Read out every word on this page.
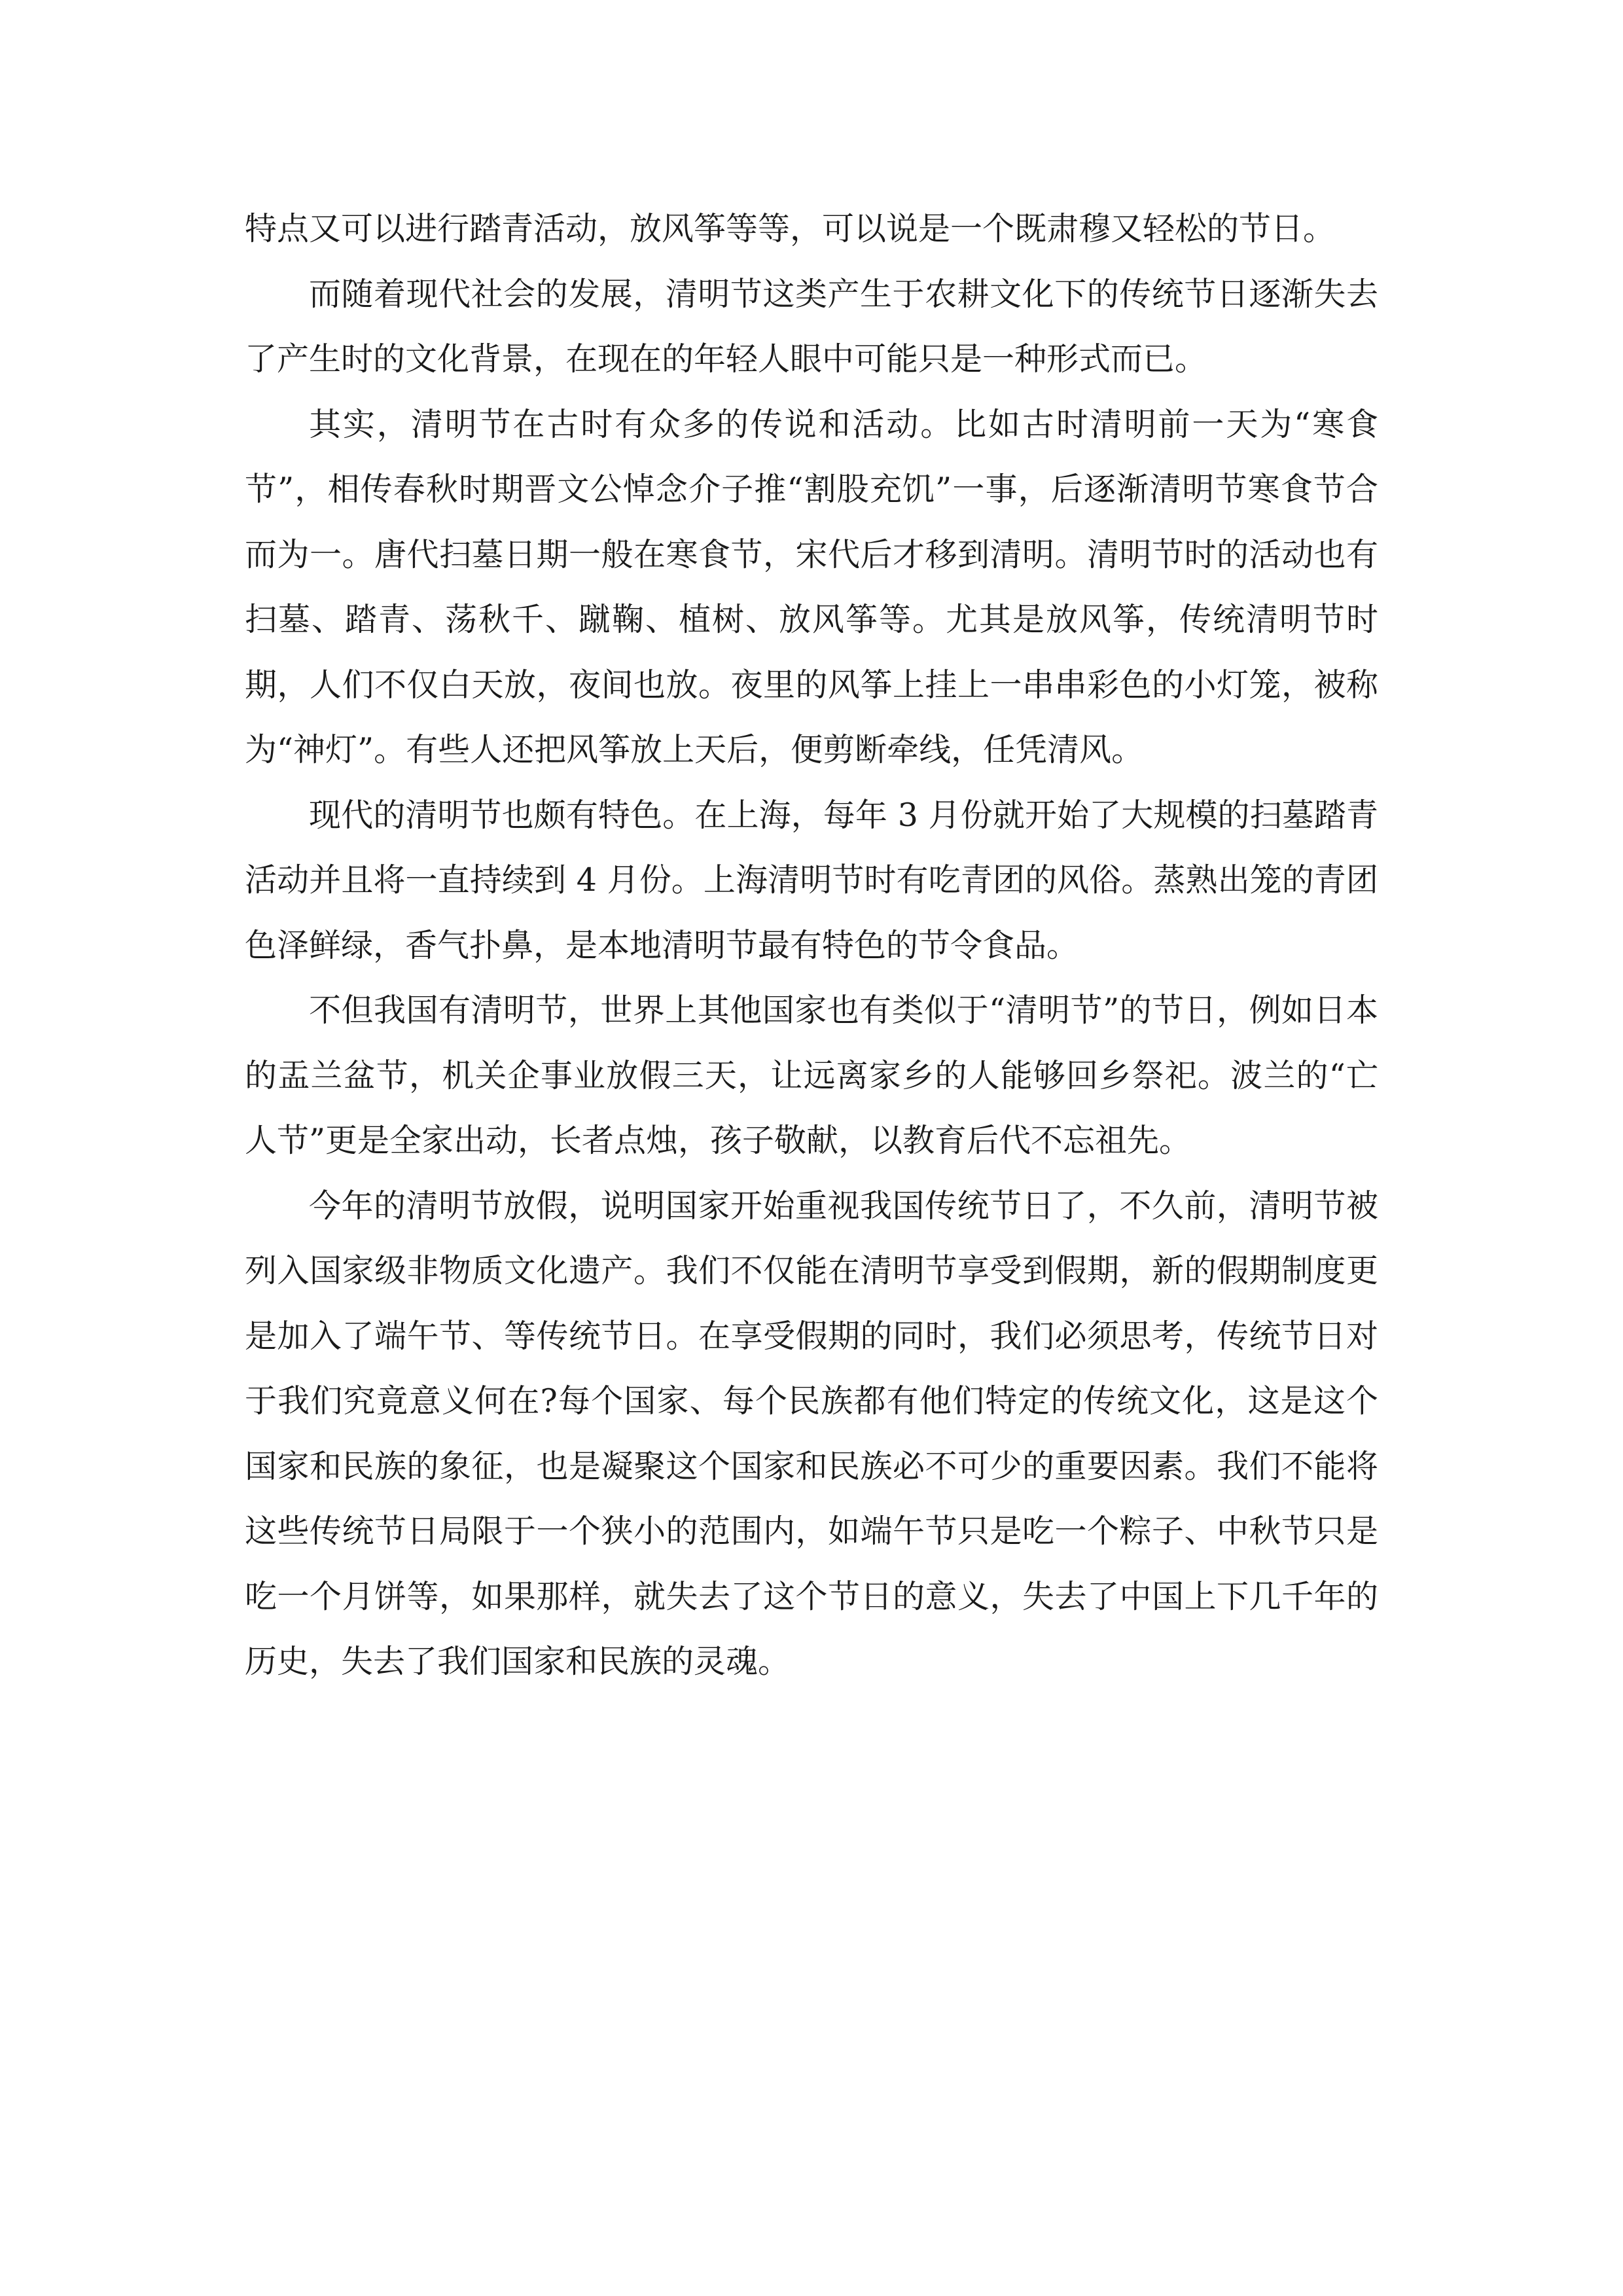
特点又可以进行踏青活动，放风筝等等，可以说是一个既肃穆又轻松的节日。

而随着现代社会的发展，清明节这类产生于农耕文化下的传统节日逐渐失去了产生时的文化背景，在现在的年轻人眼中可能只是一种形式而已。

其实，清明节在古时有众多的传说和活动。比如古时清明前一天为“寒食节”，相传春秋时期晋文公悼念介子推“割股充饥”一事，后逐渐清明节寒食节合而为一。唐代扫墓日期一般在寒食节，宋代后才移到清明。清明节时的活动也有扫墓、踏青、荡秋千、蹴鞠、植树、放风筝等。尤其是放风筝，传统清明节时期，人们不仅白天放，夜间也放。夜里的风筝上挂上一串串彩色的小灯笼，被称为“神灯”。有些人还把风筝放上天后，便剪断牵线，任凭清风。

现代的清明节也颇有特色。在上海，每年 3 月份就开始了大规模的扫墓踏青活动并且将一直持续到 4 月份。上海清明节时有吃青团的风俗。蒸熟出笼的青团色泽鲜绿，香气扑鼻，是本地清明节最有特色的节令食品。

不但我国有清明节，世界上其他国家也有类似于“清明节”的节日，例如日本的盂兰盆节，机关企事业放假三天，让远离家乡的人能够回乡祭祀。波兰的“亡人节”更是全家出动，长者点烛，孩子敬献，以教育后代不忘祖先。

今年的清明节放假，说明国家开始重视我国传统节日了，不久前，清明节被列入国家级非物质文化遗产。我们不仅能在清明节享受到假期，新的假期制度更是加入了端午节、等传统节日。在享受假期的同时，我们必须思考，传统节日对于我们究竟意义何在?每个国家、每个民族都有他们特定的传统文化，这是这个国家和民族的象征，也是凝聚这个国家和民族必不可少的重要因素。我们不能将这些传统节日局限于一个狭小的范围内，如端午节只是吃一个粽子、中秋节只是吃一个月饼等，如果那样，就失去了这个节日的意义，失去了中国上下几千年的历史，失去了我们国家和民族的灵魂。
